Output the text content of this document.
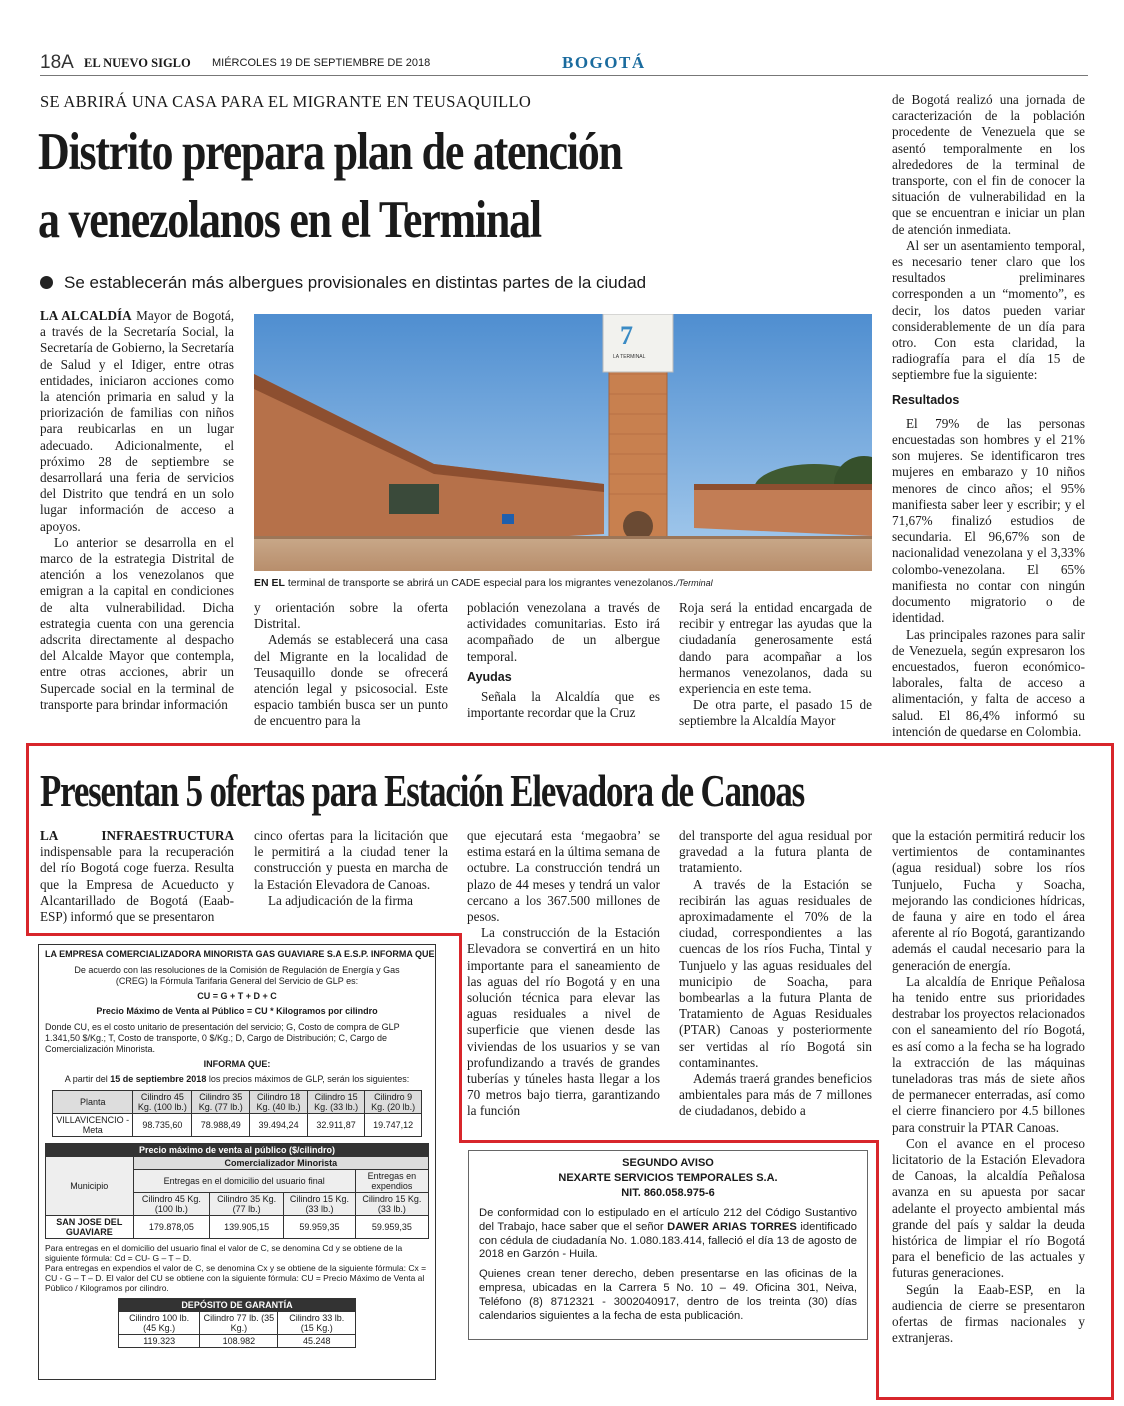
18A EL NUEVO SIGLO MIÉRCOLES 19 DE SEPTIEMBRE DE 2018	BOGOTÁ
SE ABRIRÁ UNA CASA PARA EL MIGRANTE EN TEUSAQUILLO
Distrito prepara plan de atención
a venezolanos en el Terminal
Se establecerán más albergues provisionales en distintas partes de la ciudad

LA ALCALDÍA Mayor de Bogotá, a través de la Secretaría Social, la Secretaría de Gobierno, la Secretaría de Salud y el Idiger, entre otras entidades, iniciaron acciones como la atención primaria en salud y la priorización de familias con niños para reubicarlas en un lugar adecuado. Adicionalmente, el próximo 28 de septiembre se desarrollará una feria de servicios del Distrito que tendrá en un solo lugar información de acceso a apoyos.

Lo anterior se desarrolla en el marco de la estrategia Distrital de atención a los venezolanos que emigran a la capital en condiciones de alta vulnerabilidad. Dicha estrategia cuenta con una gerencia adscrita directamente al despacho del Alcalde Mayor que contempla, entre otras acciones, abrir un Supercade social en la terminal de transporte para brindar información

7
LA TERMINAL
EN EL terminal de transporte se abrirá un CADE especial para los migrantes venezolanos./Terminal

y orientación sobre la oferta Distrital.

Además se establecerá una casa del Migrante en la localidad de Teusaquillo donde se ofrecerá atención legal y psicosocial. Este espacio también busca ser un punto de encuentro para la

población venezolana a través de actividades comunitarias. Esto irá acompañado de un albergue temporal.

Ayudas

Señala la Alcaldía que es importante recordar que la Cruz

Roja será la entidad encargada de recibir y entregar las ayudas que la ciudadanía generosamente está dando para acompañar a los hermanos venezolanos, dada su experiencia en este tema.

De otra parte, el pasado 15 de septiembre la Alcaldía Mayor

de Bogotá realizó una jornada de caracterización de la población procedente de Venezuela que se asentó temporalmente en los alrededores de la terminal de transporte, con el fin de conocer la situación de vulnerabilidad en la que se encuentran e iniciar un plan de atención inmediata.

Al ser un asentamiento temporal, es necesario tener claro que los resultados preliminares corresponden a un “momento”, es decir, los datos pueden variar considerablemente de un día para otro. Con esta claridad, la radiografía para el día 15 de septiembre fue la siguiente:

Resultados

El 79% de las personas encuestadas son hombres y el 21% son mujeres. Se identificaron tres mujeres en embarazo y 10 niños menores de cinco años; el 95% manifiesta saber leer y escribir; y el 71,67% finalizó estudios de secundaria. El 96,67% son de nacionalidad venezolana y el 3,33% colombo-venezolana. El 65% manifiesta no contar con ningún documento migratorio o de identidad.

Las principales razones para salir de Venezuela, según expresaron los encuestados, fueron económico-laborales, falta de acceso a alimentación, y falta de acceso a salud. El 86,4% informó su intención de quedarse en Colombia.

Presentan 5 ofertas para Estación Elevadora de Canoas

LA INFRAESTRUCTURA indispensable para la recuperación del río Bogotá coge fuerza. Resulta que la Empresa de Acueducto y Alcantarillado de Bogotá (Eaab-ESP) informó que se presentaron

cinco ofertas para la licitación que le permitirá a la ciudad tener la construcción y puesta en marcha de la Estación Elevadora de Canoas.

La adjudicación de la firma

que ejecutará esta ‘megaobra’ se estima estará en la última semana de octubre. La construcción tendrá un plazo de 44 meses y tendrá un valor cercano a los 367.500 millones de pesos.

La construcción de la Estación Elevadora se convertirá en un hito importante para el saneamiento de las aguas del río Bogotá y en una solución técnica para elevar las aguas residuales a nivel de superficie que vienen desde las viviendas de los usuarios y se van profundizando a través de grandes tuberías y túneles hasta llegar a los 70 metros bajo tierra, garantizando la función

del transporte del agua residual por gravedad a la futura planta de tratamiento.

A través de la Estación se recibirán las aguas residuales de aproximadamente el 70% de la ciudad, correspondientes a las cuencas de los ríos Fucha, Tintal y Tunjuelo y las aguas residuales del municipio de Soacha, para bombearlas a la futura Planta de Tratamiento de Aguas Residuales (PTAR) Canoas y posteriormente ser vertidas al río Bogotá sin contaminantes.

Además traerá grandes beneficios ambientales para más de 7 millones de ciudadanos, debido a

que la estación permitirá reducir los vertimientos de contaminantes (agua residual) sobre los ríos Tunjuelo, Fucha y Soacha, mejorando las condiciones hídricas, de fauna y aire en todo el área aferente al río Bogotá, garantizando además el caudal necesario para la generación de energía.

La alcaldía de Enrique Peñalosa ha tenido entre sus prioridades destrabar los proyectos relacionados con el saneamiento del río Bogotá, es así como a la fecha se ha logrado la extracción de las máquinas tuneladoras tras más de siete años de permanecer enterradas, así como el cierre financiero por 4.5 billones para construir la PTAR Canoas.

Con el avance en el proceso licitatorio de la Estación Elevadora de Canoas, la alcaldía Peñalosa avanza en su apuesta por sacar adelante el proyecto ambiental más grande del país y saldar la deuda histórica de limpiar el río Bogotá para el beneficio de las actuales y futuras generaciones.

Según la Eaab-ESP, en la audiencia de cierre se presentaron ofertas de firmas nacionales y extranjeras.

LA EMPRESA COMERCIALIZADORA MINORISTA GAS GUAVIARE S.A E.S.P. INFORMA QUE
De acuerdo con las resoluciones de la Comisión de Regulación de Energía y Gas (CREG) la Fórmula Tarifaria General del Servicio de GLP es:
CU = G + T + D + C
Precio Máximo de Venta al Público = CU * Kilogramos por cilindro
Donde CU, es el costo unitario de presentación del servicio; G, Costo de compra de GLP 1.341,50 $/Kg.; T, Costo de transporte, 0 $/Kg.; D, Cargo de Distribución; C, Cargo de Comercialización Minorista.
INFORMA QUE:
A partir del 15 de septiembre 2018 los precios máximos de GLP, serán los siguientes:
Planta	Cilindro 45 Kg. (100 lb.)	Cilindro 35 Kg. (77 lb.)	Cilindro 18 Kg. (40 lb.)	Cilindro 15 Kg. (33 lb.)	Cilindro 9 Kg. (20 lb.)
VILLAVICENCIO - Meta	98.735,60	78.988,49	39.494,24	32.911,87	19.747,12
Precio máximo de venta al público ($/cilindro)				
Municipio	Comercializador Minorista			
	Entregas en el domicilio del usuario final			Entregas en expendios
	Cilindro 45 Kg. (100 lb.)	Cilindro 35 Kg. (77 lb.)	Cilindro 15 Kg. (33 lb.)	Cilindro 15 Kg. (33 lb.)
SAN JOSE DEL GUAVIARE	179.878,05	139.905,15	59.959,35	59.959,35
Para entregas en el domicilio del usuario final el valor de C, se denomina Cd y se obtiene de la siguiente fórmula: Cd = CU- G – T – D.
Para entregas en expendios el valor de C, se denomina Cx y se obtiene de la siguiente fórmula: Cx = CU - G – T – D. El valor del CU se obtiene con la siguiente fórmula: CU = Precio Máximo de Venta al Público / Kilogramos por cilindro.
DEPÓSITO DE GARANTÍA		
Cilindro 100 lb. (45 Kg.)	Cilindro 77 lb. (35 Kg.)	Cilindro 33 lb. (15 Kg.)
119.323	108.982	45.248
SEGUNDO AVISO
NEXARTE SERVICIOS TEMPORALES S.A.
NIT. 860.058.975-6
De conformidad con lo estipulado en el artículo 212 del Código Sustantivo del Trabajo, hace saber que el señor DAWER ARIAS TORRES identificado con cédula de ciudadanía No. 1.080.183.414, falleció el día 13 de agosto de 2018 en Garzón - Huila.
Quienes crean tener derecho, deben presentarse en las oficinas de la empresa, ubicadas en la Carrera 5 No. 10 – 49. Oficina 301, Neiva, Teléfono (8) 8712321 - 3002040917, dentro de los treinta (30) días calendarios siguientes a la fecha de esta publicación.
